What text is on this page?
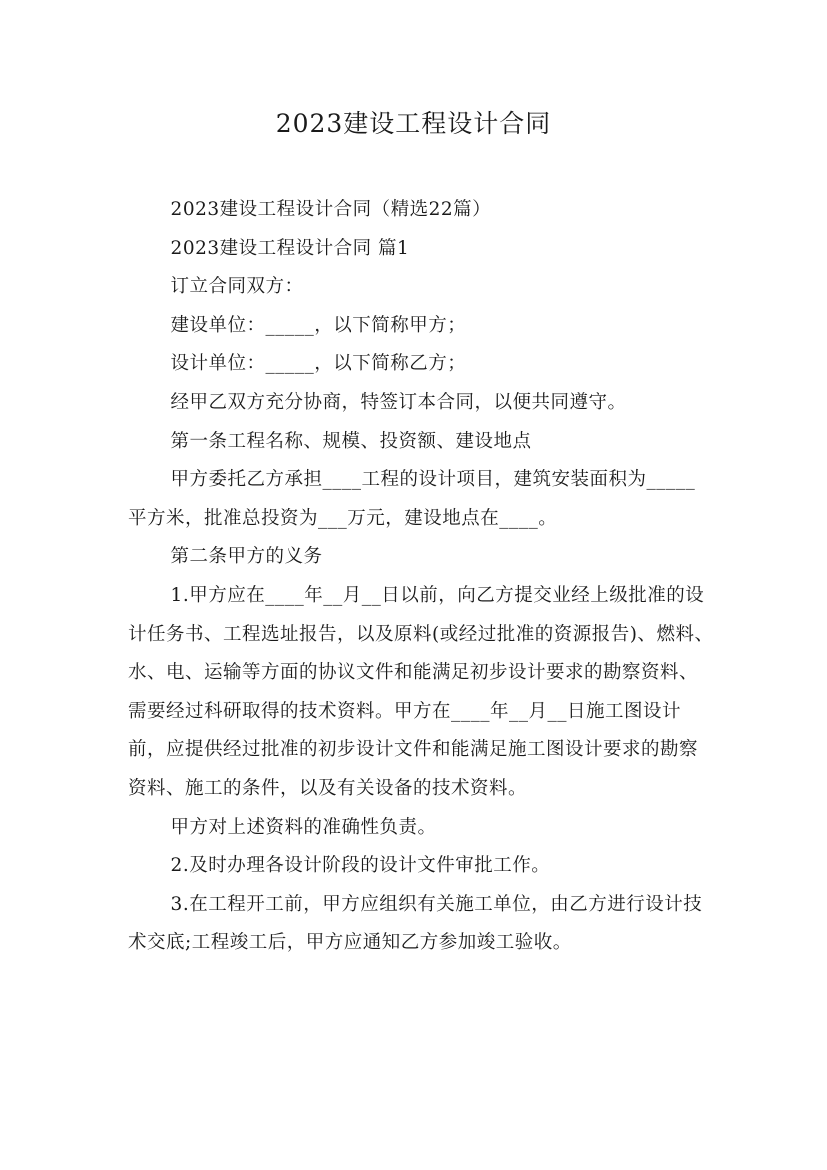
2023建设工程设计合同

2023建设工程设计合同（精选22篇）

2023建设工程设计合同 篇1

订立合同双方：

建设单位：_____，以下简称甲方；

设计单位：_____，以下简称乙方；

经甲乙双方充分协商，特签订本合同，以便共同遵守。

第一条工程名称、规模、投资额、建设地点

甲方委托乙方承担____工程的设计项目，建筑安装面积为_____平方米，批准总投资为___万元，建设地点在____。

第二条甲方的义务

1.甲方应在____年__月__日以前，向乙方提交业经上级批准的设计任务书、工程选址报告，以及原料(或经过批准的资源报告)、燃料、水、电、运输等方面的协议文件和能满足初步设计要求的勘察资料、需要经过科研取得的技术资料。甲方在____年__月__日施工图设计前，应提供经过批准的初步设计文件和能满足施工图设计要求的勘察资料、施工的条件，以及有关设备的技术资料。

甲方对上述资料的准确性负责。

2.及时办理各设计阶段的设计文件审批工作。

3.在工程开工前，甲方应组织有关施工单位，由乙方进行设计技术交底;工程竣工后，甲方应通知乙方参加竣工验收。
